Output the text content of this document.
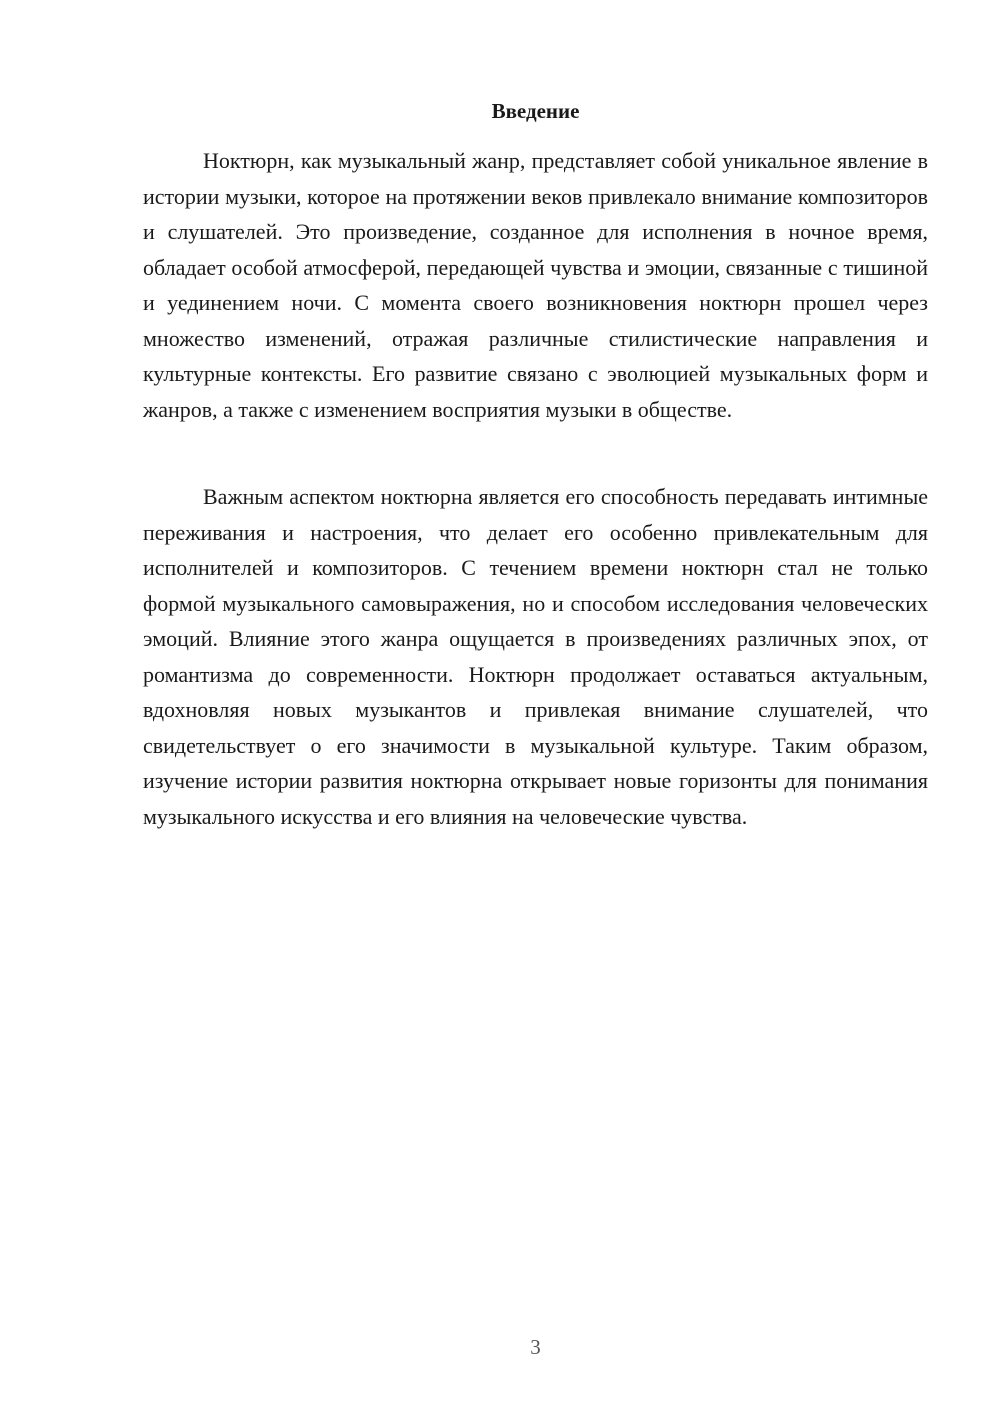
Введение

Ноктюрн, как музыкальный жанр, представляет собой уникальное явление в истории музыки, которое на протяжении веков привлекало внимание композиторов и слушателей. Это произведение, созданное для исполнения в ночное время, обладает особой атмосферой, передающей чувства и эмоции, связанные с тишиной и уединением ночи. С момента своего возникновения ноктюрн прошел через множество изменений, отражая различные стилистические направления и культурные контексты. Его развитие связано с эволюцией музыкальных форм и жанров, а также с изменением восприятия музыки в обществе.

Важным аспектом ноктюрна является его способность передавать интимные переживания и настроения, что делает его особенно привлекательным для исполнителей и композиторов. С течением времени ноктюрн стал не только формой музыкального самовыражения, но и способом исследования человеческих эмоций. Влияние этого жанра ощущается в произведениях различных эпох, от романтизма до современности. Ноктюрн продолжает оставаться актуальным, вдохновляя новых музыкантов и привлекая внимание слушателей, что свидетельствует о его значимости в музыкальной культуре. Таким образом, изучение истории развития ноктюрна открывает новые горизонты для понимания музыкального искусства и его влияния на человеческие чувства.

3
